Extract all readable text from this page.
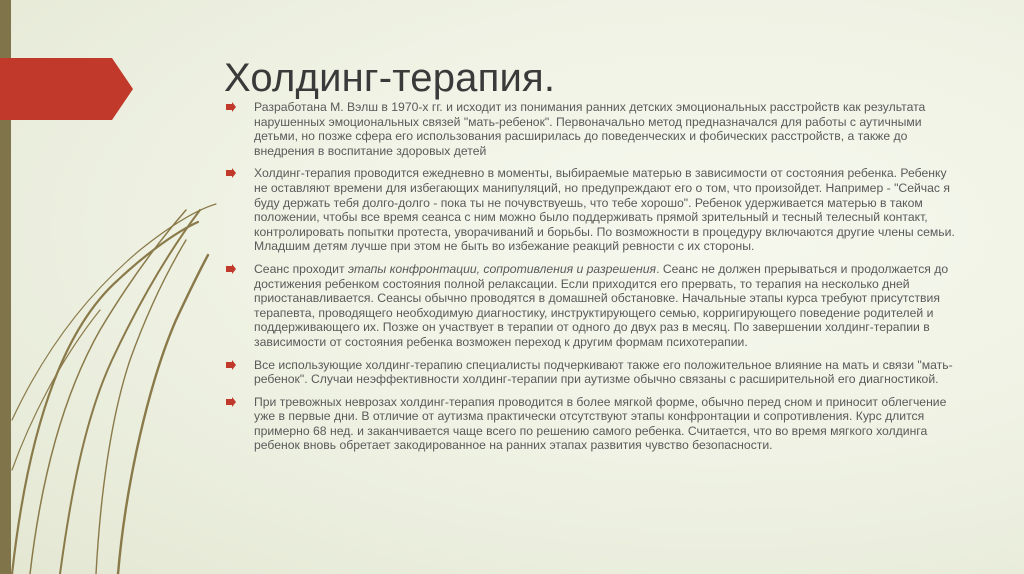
Холдинг-терапия.
Разработана М. Вэлш в 1970-х гг. и исходит из понимания ранних детских эмоциональных расстройств как результата нарушенных эмоциональных связей "мать-ребенок". Первоначально метод предназначался для работы с аутичными детьми, но позже сфера его использования расширилась до поведенческих и фобических расстройств, а также до внедрения в воспитание здоровых детей
Холдинг-терапия проводится ежедневно в моменты, выбираемые матерью в зависимости от состояния ребенка. Ребенку не оставляют времени для избегающих манипуляций, но предупреждают его о том, что произойдет. Например - "Сейчас я буду держать тебя долго-долго - пока ты не почувствуешь, что тебе хорошо". Ребенок удерживается матерью в таком положении, чтобы все время сеанса с ним можно было поддерживать прямой зрительный и тесный телесный контакт, контролировать попытки протеста, уворачиваний и борьбы. По возможности в процедуру включаются другие члены семьи. Младшим детям лучше при этом не быть во избежание реакций ревности с их стороны.
Сеанс проходит этапы конфронтации, сопротивления и разрешения. Сеанс не должен прерываться и продолжается до достижения ребенком состояния полной релаксации. Если приходится его прервать, то терапия на несколько дней приостанавливается. Сеансы обычно проводятся в домашней обстановке. Начальные этапы курса требуют присутствия терапевта, проводящего необходимую диагностику, инструктирующего семью, корригирующего поведение родителей и поддерживающего их. Позже он участвует в терапии от одного до двух раз в месяц. По завершении холдинг-терапии в зависимости от состояния ребенка возможен переход к другим формам психотерапии.
Все использующие холдинг-терапию специалисты подчеркивают также его положительное влияние на мать и связи "мать-ребенок". Случаи неэффективности холдинг-терапии при аутизме обычно связаны с расширительной его диагностикой.
При тревожных неврозах холдинг-терапия проводится в более мягкой форме, обычно перед сном и приносит облегчение уже в первые дни. В отличие от аутизма практически отсутствуют этапы конфронтации и сопротивления. Курс длится примерно 68 нед. и заканчивается чаще всего по решению самого ребенка. Считается, что во время мягкого холдинга ребенок вновь обретает закодированное на ранних этапах развития чувство безопасности.
